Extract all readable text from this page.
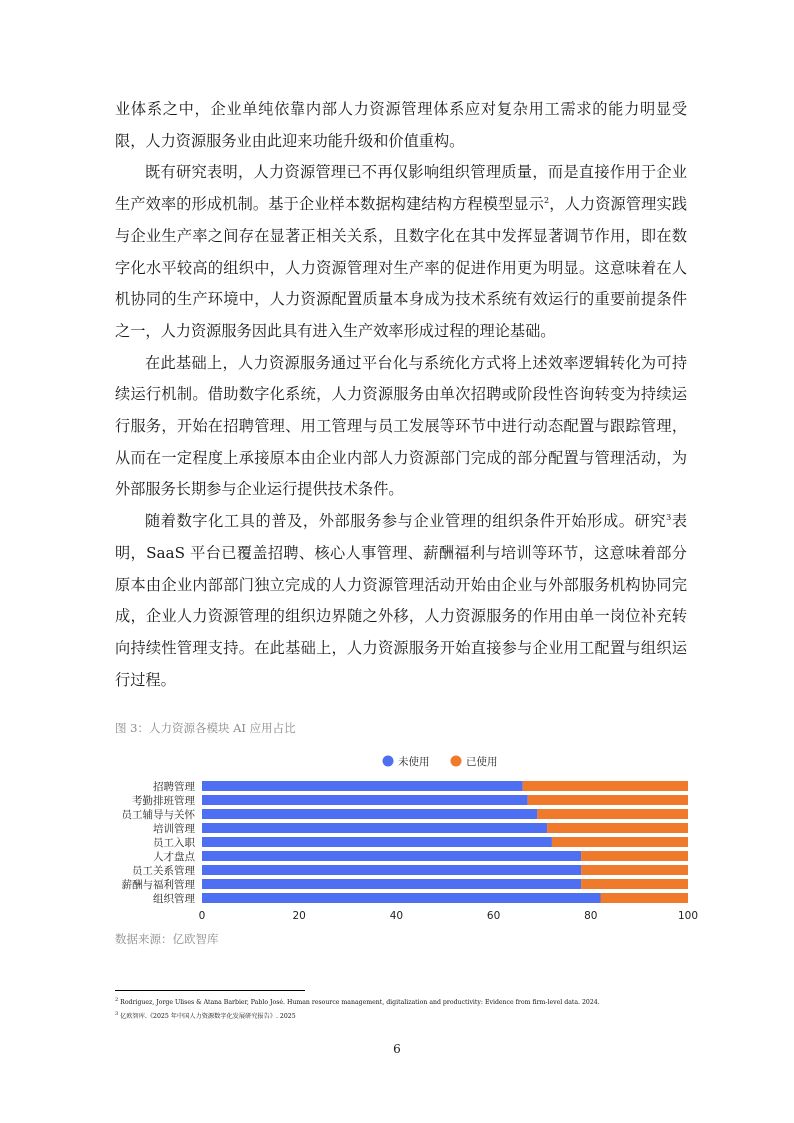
业体系之中，企业单纯依靠内部人力资源管理体系应对复杂用工需求的能力明显受限，人力资源服务业由此迎来功能升级和价值重构。

既有研究表明，人力资源管理已不再仅影响组织管理质量，而是直接作用于企业生产效率的形成机制。基于企业样本数据构建结构方程模型显示$^2$，人力资源管理实践与企业生产率之间存在显著正相关关系，且数字化在其中发挥显著调节作用，即在数字化水平较高的组织中，人力资源管理对生产率的促进作用更为明显。这意味着在人机协同的生产环境中，人力资源配置质量本身成为技术系统有效运行的重要前提条件之一，人力资源服务因此具有进入生产效率形成过程的理论基础。

在此基础上，人力资源服务通过平台化与系统化方式将上述效率逻辑转化为可持续运行机制。借助数字化系统，人力资源服务由单次招聘或阶段性咨询转变为持续运行服务，开始在招聘管理、用工管理与员工发展等环节中进行动态配置与跟踪管理，从而在一定程度上承接原本由企业内部人力资源部门完成的部分配置与管理活动，为外部服务长期参与企业运行提供技术条件。

随着数字化工具的普及，外部服务参与企业管理的组织条件开始形成。研究$^3$表明，SaaS 平台已覆盖招聘、核心人事管理、薪酬福利与培训等环节，这意味着部分原本由企业内部部门独立完成的人力资源管理活动开始由企业与外部服务机构协同完成，企业人力资源管理的组织边界随之外移，人力资源服务的作用由单一岗位补充转向持续性管理支持。在此基础上，人力资源服务开始直接参与企业用工配置与组织运行过程。

图 3：人力资源各模块 AI 应用占比
未使用	已使用
招聘管理
考勤排班管理
员工辅导与关怀
培训管理
员工入职
人才盘点
员工关系管理
薪酬与福利管理
组织管理
0	20	40	60	80	100
数据来源：亿欧智库
$^2$ Rodriguez, Jorge Ulises & Atana Barbier, Pablo José. Human resource management, digitalization and productivity: Evidence from firm-level data. 2024.
$^3$ 亿欧智库.《2025 年中国人力资源数字化发展研究报告》. 2025
6
